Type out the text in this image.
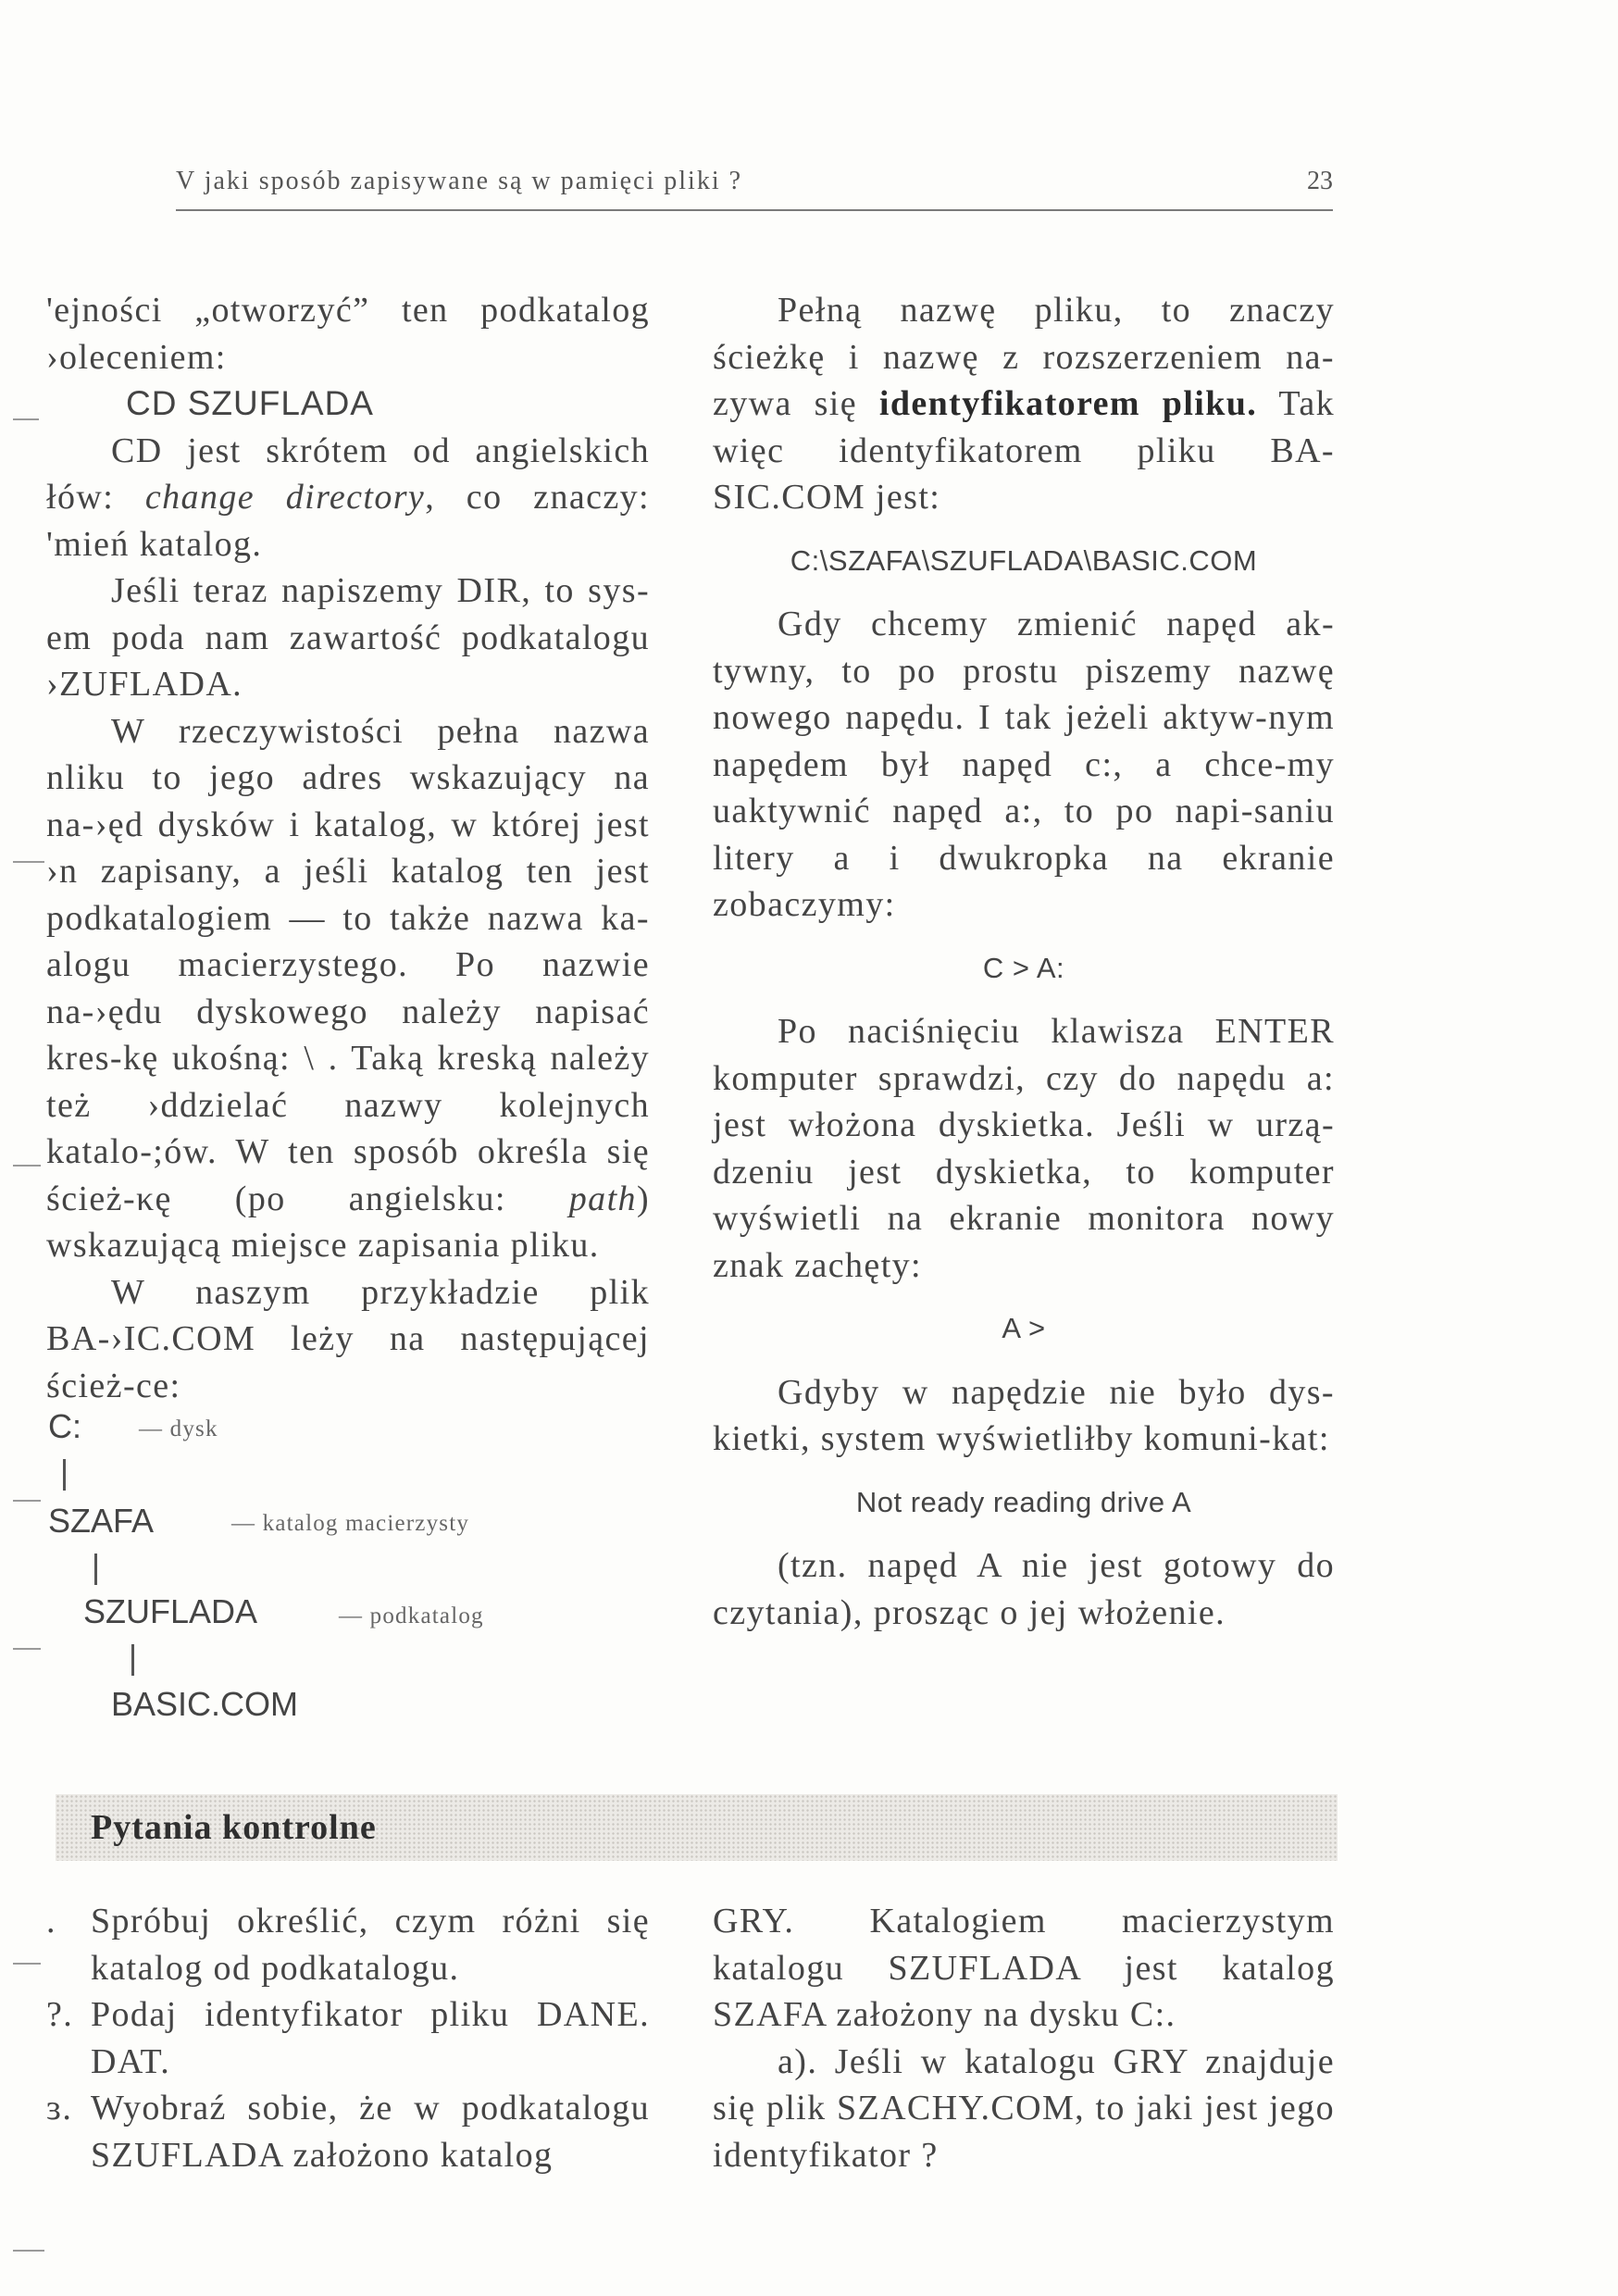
V jaki sposób zapisywane są w pamięci pliki ?	23

'ejności „otworzyć” ten podkatalog ›oleceniem:

CD SZUFLADA

CD jest skrótem od angielskich łów: change directory, co znaczy: 'mień katalog.

Jeśli teraz napiszemy DIR, to sys-em poda nam zawartość podkatalogu ›ZUFLADA.

W rzeczywistości pełna nazwa nliku to jego adres wskazujący na na-›ęd dysków i katalog, w której jest ›n zapisany, a jeśli katalog ten jest podkatalogiem — to także nazwa ka-alogu macierzystego. Po nazwie na-›ędu dyskowego należy napisać kres-kę ukośną: \ . Taką kreską należy też ›ddzielać nazwy kolejnych katalo-;ów. W ten sposób określa się ścież-κę (po angielsku: path) wskazującą miejsce zapisania pliku.

W naszym przykładzie plik BA-›IC.COM leży na następującej ścież-ce:

C: — dysk
SZAFA	— katalog macierzysty
SZUFLADA	— podkatalog
BASIC.COM

Pełną nazwę pliku, to znaczy ścieżkę i nazwę z rozszerzeniem na-zywa się identyfikatorem pliku. Tak więc identyfikatorem pliku BA-SIC.COM jest:

C:\SZAFA\SZUFLADA\BASIC.COM

Gdy chcemy zmienić napęd ak-tywny, to po prostu piszemy nazwę nowego napędu. I tak jeżeli aktyw-nym napędem był napęd c:, a chce-my uaktywnić napęd a:, to po napi-saniu litery a i dwukropka na ekranie zobaczymy:

C > A:

Po naciśnięciu klawisza ENTER komputer sprawdzi, czy do napędu a: jest włożona dyskietka. Jeśli w urzą-dzeniu jest dyskietka, to komputer wyświetli na ekranie monitora nowy znak zachęty:

A >

Gdyby w napędzie nie było dys-kietki, system wyświetliłby komuni-kat:

Not ready reading drive A

(tzn. napęd A nie jest gotowy do czytania), prosząc o jej włożenie.

Pytania kontrolne

. Spróbuj określić, czym różni się katalog od podkatalogu.

?. Podaj identyfikator pliku DANE. DAT.

ɜ. Wyobraź sobie, że w podkatalogu SZUFLADA założono katalog

GRY. Katalogiem macierzystym katalogu SZUFLADA jest katalog SZAFA założony na dysku C:.

a). Jeśli w katalogu GRY znajduje się plik SZACHY.COM, to jaki jest jego identyfikator ?
